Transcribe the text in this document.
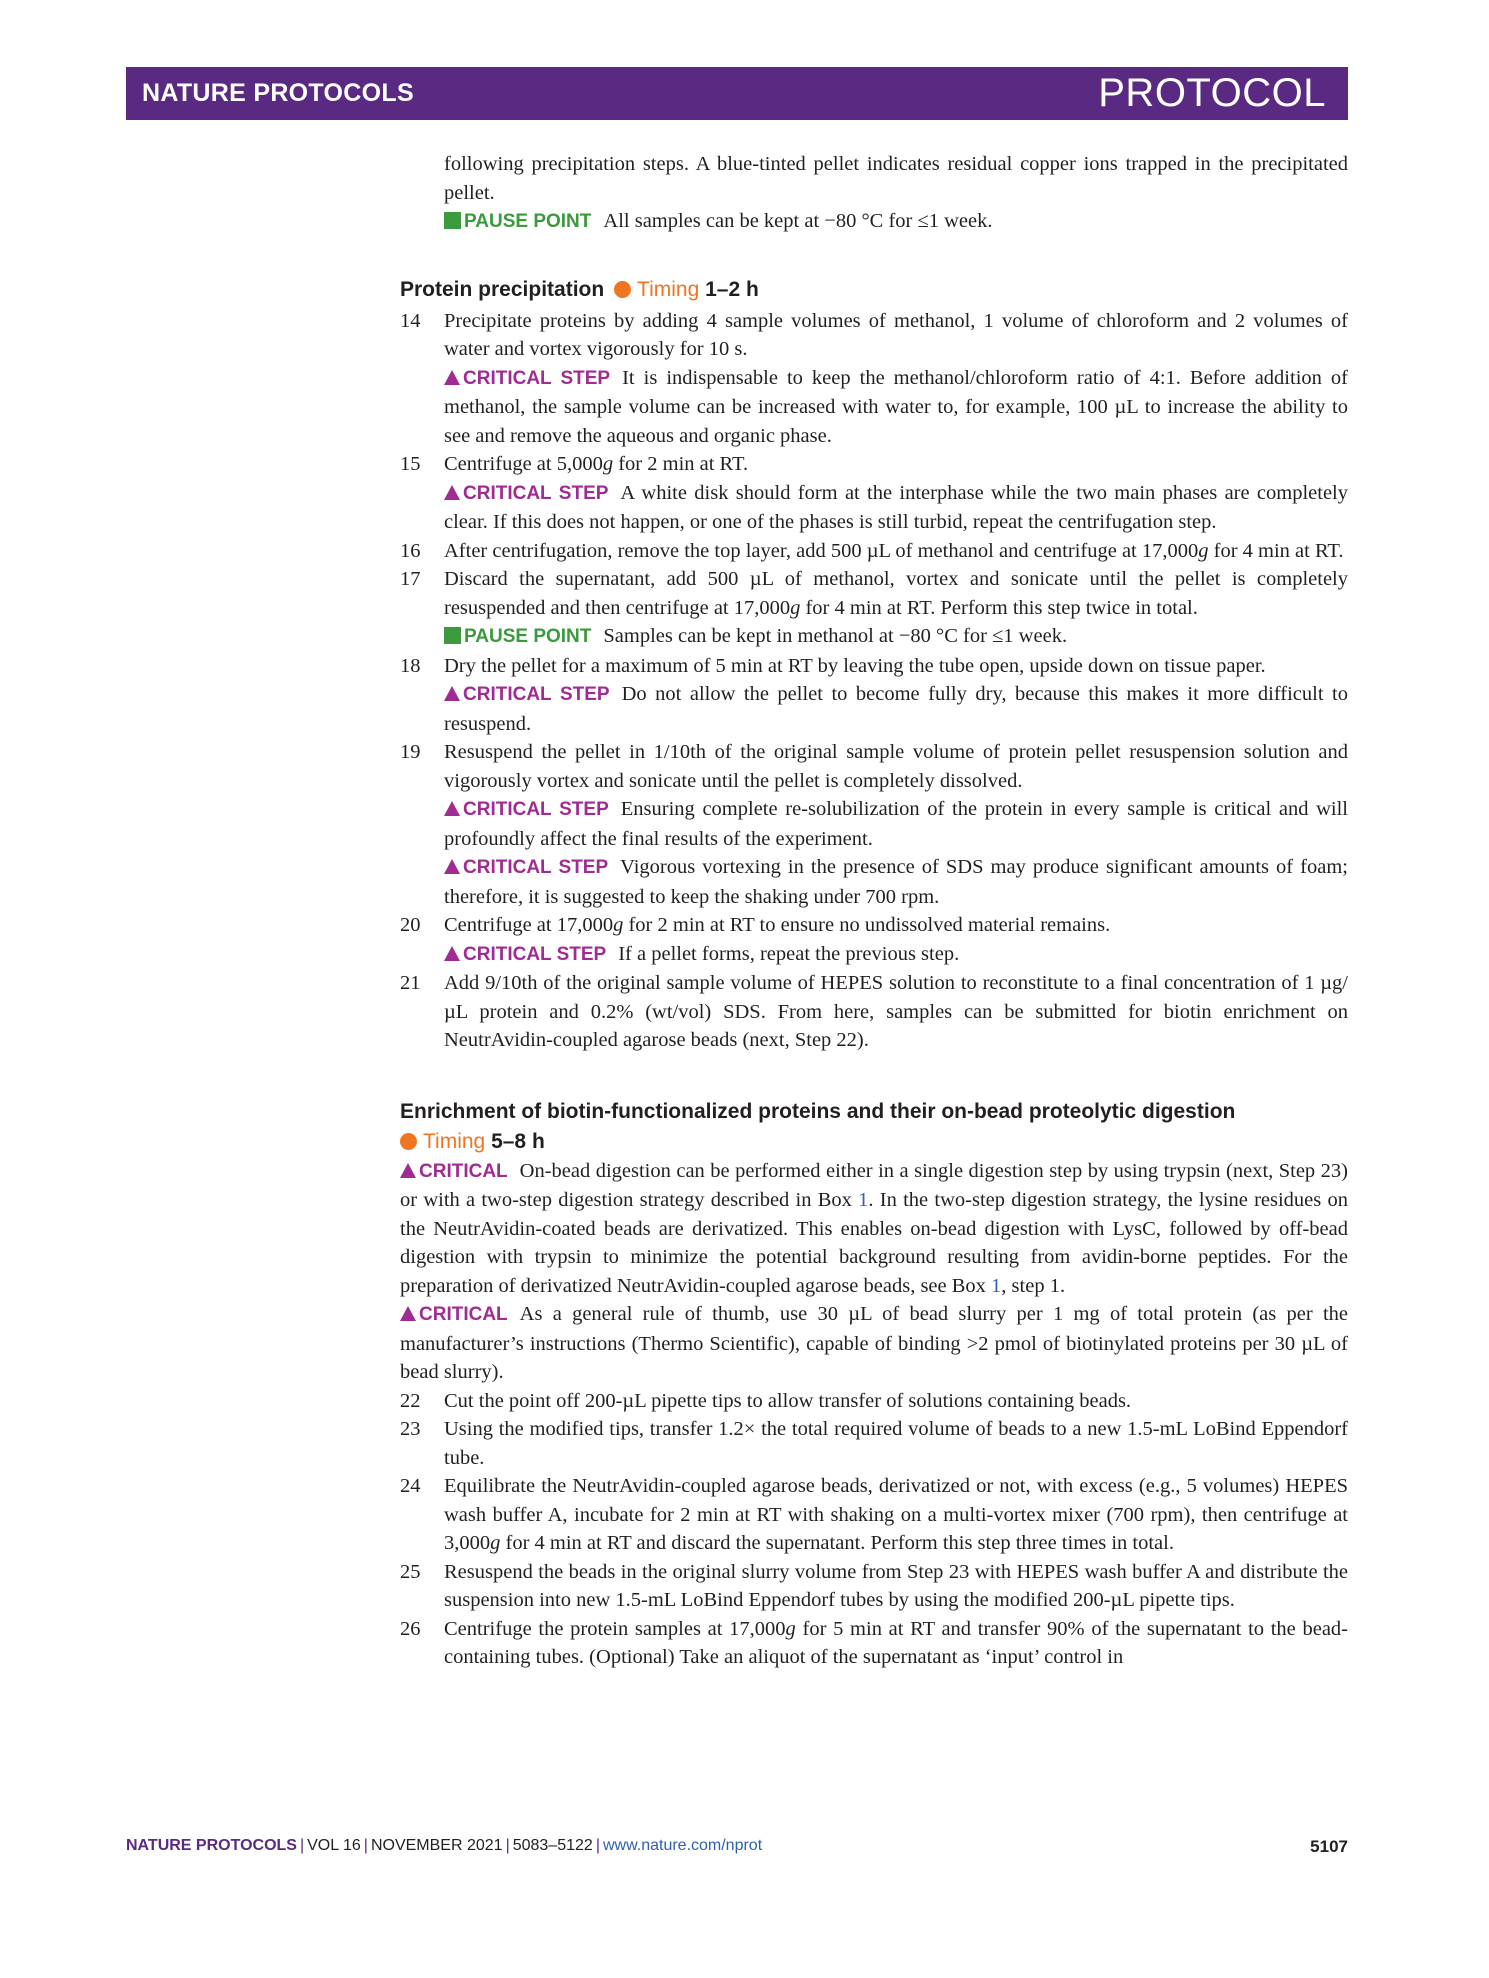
NATURE PROTOCOLS	PROTOCOL

following precipitation steps. A blue-tinted pellet indicates residual copper ions trapped in the precipitated pellet.

PAUSE POINT All samples can be kept at −80 °C for ≤1 week.

Protein precipitation Timing 1–2 h

14 Precipitate proteins by adding 4 sample volumes of methanol, 1 volume of chloroform and 2 volumes of water and vortex vigorously for 10 s.
CRITICAL STEP It is indispensable to keep the methanol/chloroform ratio of 4:1. Before addition of methanol, the sample volume can be increased with water to, for example, 100 µL to increase the ability to see and remove the aqueous and organic phase.
15 Centrifuge at 5,000g for 2 min at RT.
CRITICAL STEP A white disk should form at the interphase while the two main phases are completely clear. If this does not happen, or one of the phases is still turbid, repeat the centrifugation step.
16 After centrifugation, remove the top layer, add 500 µL of methanol and centrifuge at 17,000g for 4 min at RT.
17 Discard the supernatant, add 500 µL of methanol, vortex and sonicate until the pellet is completely resuspended and then centrifuge at 17,000g for 4 min at RT. Perform this step twice in total.
PAUSE POINT Samples can be kept in methanol at −80 °C for ≤1 week.
18 Dry the pellet for a maximum of 5 min at RT by leaving the tube open, upside down on tissue paper.
CRITICAL STEP Do not allow the pellet to become fully dry, because this makes it more difficult to resuspend.
19 Resuspend the pellet in 1/10th of the original sample volume of protein pellet resuspension solution and vigorously vortex and sonicate until the pellet is completely dissolved.
CRITICAL STEP Ensuring complete re-solubilization of the protein in every sample is critical and will profoundly affect the final results of the experiment.
CRITICAL STEP Vigorous vortexing in the presence of SDS may produce significant amounts of foam; therefore, it is suggested to keep the shaking under 700 rpm.
20 Centrifuge at 17,000g for 2 min at RT to ensure no undissolved material remains.
CRITICAL STEP If a pellet forms, repeat the previous step.
21 Add 9/10th of the original sample volume of HEPES solution to reconstitute to a final concentration of 1 µg/µL protein and 0.2% (wt/vol) SDS. From here, samples can be submitted for biotin enrichment on NeutrAvidin-coupled agarose beads (next, Step 22).

Enrichment of biotin-functionalized proteins and their on-bead proteolytic digestion
Timing 5–8 h

CRITICAL On-bead digestion can be performed either in a single digestion step by using trypsin (next, Step 23) or with a two-step digestion strategy described in Box 1. In the two-step digestion strategy, the lysine residues on the NeutrAvidin-coated beads are derivatized. This enables on-bead digestion with LysC, followed by off-bead digestion with trypsin to minimize the potential background resulting from avidin-borne peptides. For the preparation of derivatized NeutrAvidin-coupled agarose beads, see Box 1, step 1.

CRITICAL As a general rule of thumb, use 30 µL of bead slurry per 1 mg of total protein (as per the manufacturer’s instructions (Thermo Scientific), capable of binding >2 pmol of biotinylated proteins per 30 µL of bead slurry).

22 Cut the point off 200-µL pipette tips to allow transfer of solutions containing beads.
23 Using the modified tips, transfer 1.2× the total required volume of beads to a new 1.5-mL LoBind Eppendorf tube.
24 Equilibrate the NeutrAvidin-coupled agarose beads, derivatized or not, with excess (e.g., 5 volumes) HEPES wash buffer A, incubate for 2 min at RT with shaking on a multi-vortex mixer (700 rpm), then centrifuge at 3,000g for 4 min at RT and discard the supernatant. Perform this step three times in total.
25 Resuspend the beads in the original slurry volume from Step 23 with HEPES wash buffer A and distribute the suspension into new 1.5-mL LoBind Eppendorf tubes by using the modified 200-µL pipette tips.
26 Centrifuge the protein samples at 17,000g for 5 min at RT and transfer 90% of the supernatant to the bead-containing tubes. (Optional) Take an aliquot of the supernatant as ‘input’ control in
NATURE PROTOCOLS | VOL 16 | NOVEMBER 2021 | 5083–5122 | www.nature.com/nprot	5107
